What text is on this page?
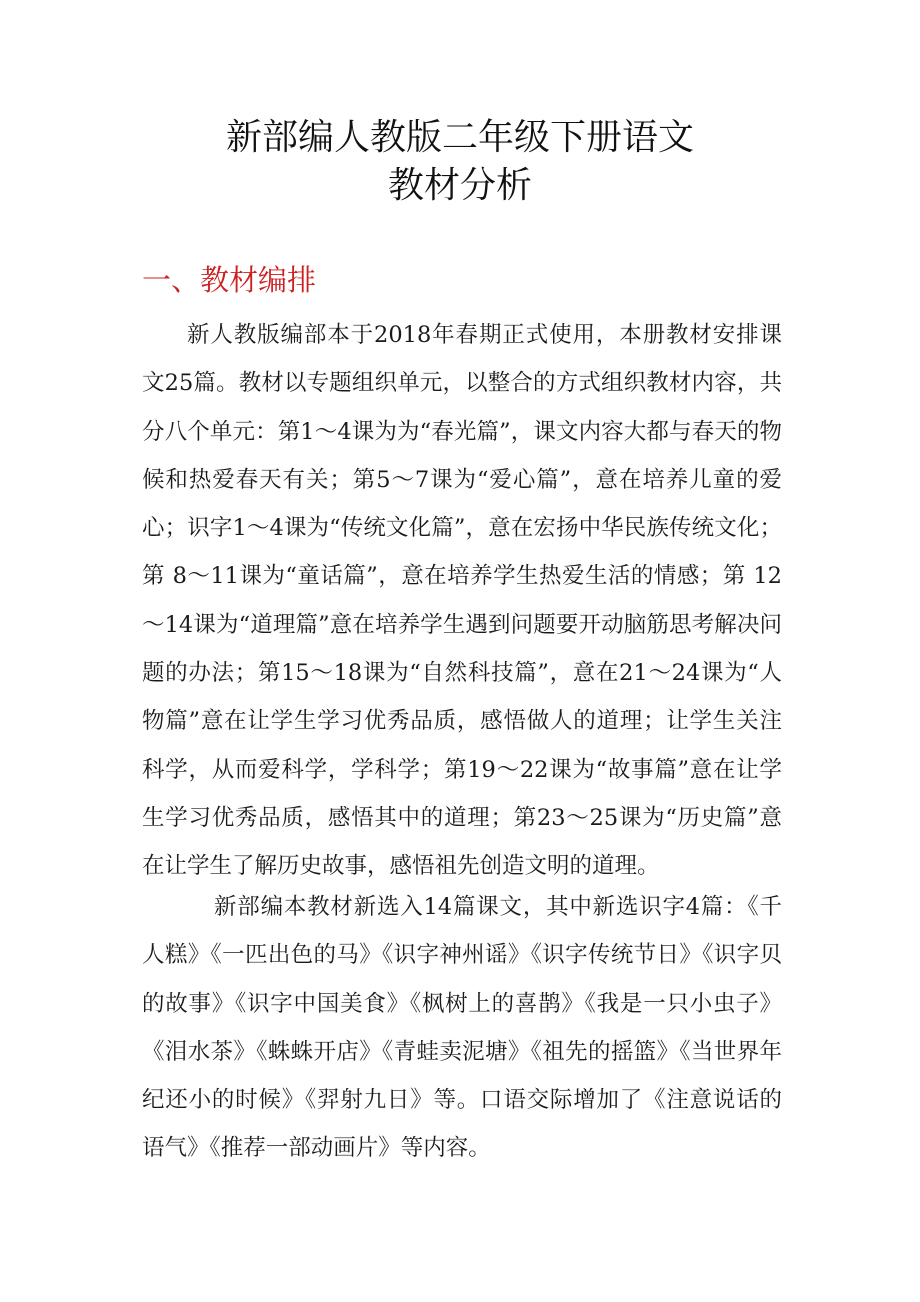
新部编人教版二年级下册语文
教材分析
一、教材编排

新人教版编部本于2018年春期正式使用，本册教材安排课文25篇。教材以专题组织单元，以整合的方式组织教材内容，共分八个单元：第1～4课为为“春光篇”，课文内容大都与春天的物候和热爱春天有关；第5～7课为“爱心篇”，意在培养儿童的爱心；识字1～4课为“传统文化篇”，意在宏扬中华民族传统文化；第 8～11课为“童话篇”，意在培养学生热爱生活的情感；第 12～14课为“道理篇”意在培养学生遇到问题要开动脑筋思考解决问题的办法；第15～18课为“自然科技篇”，意在21～24课为“人物篇”意在让学生学习优秀品质，感悟做人的道理；让学生关注科学，从而爱科学，学科学；第19～22课为“故事篇”意在让学生学习优秀品质，感悟其中的道理；第23～25课为“历史篇”意在让学生了解历史故事，感悟祖先创造文明的道理。

新部编本教材新选入14篇课文，其中新选识字4篇：《千人糕》《一匹出色的马》《识字神州谣》《识字传统节日》《识字贝的故事》《识字中国美食》《枫树上的喜鹊》《我是一只小虫子》《泪水茶》《蛛蛛开店》《青蛙卖泥塘》《祖先的摇篮》《当世界年纪还小的时候》《羿射九日》等。口语交际增加了《注意说话的语气》《推荐一部动画片》等内容。
